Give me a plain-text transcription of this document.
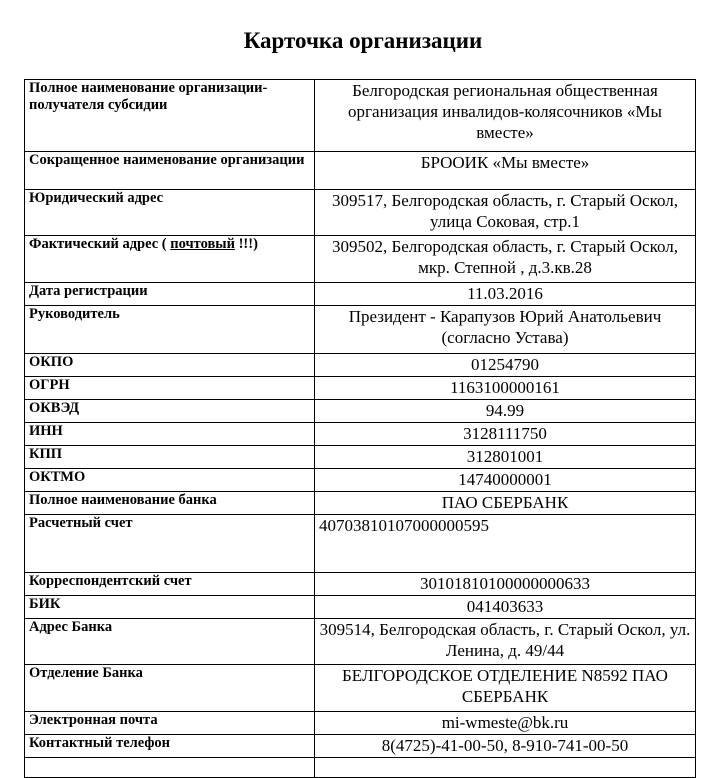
Карточка организации
Полное наименование организации-получателя субсидии	Белгородская региональная общественная организация инвалидов-колясочников «Мы вместе»
Сокращенное наименование организации	БРООИК «Мы вместе»
Юридический адрес	309517, Белгородская область, г. Старый Оскол, улица Соковая, стр.1
Фактический адрес ( почтовый !!!)	309502, Белгородская область, г. Старый Оскол, мкр. Степной , д.3.кв.28
Дата регистрации	11.03.2016
Руководитель	Президент - Карапузов Юрий Анатольевич (согласно Устава)
ОКПО	01254790
ОГРН	1163100000161
ОКВЭД	94.99
ИНН	3128111750
КПП	312801001
ОКТМО	14740000001
Полное наименование банка	ПАО СБЕРБАНК
Расчетный счет	40703810107000000595
Корреспондентский счет	30101810100000000633
БИК	041403633
Адрес Банка	309514, Белгородская область, г. Старый Оскол, ул. Ленина, д. 49/44
Отделение Банка	БЕЛГОРОДСКОЕ ОТДЕЛЕНИЕ N8592 ПАО СБЕРБАНК
Электронная почта	mi-wmeste@bk.ru
Контактный телефон	8(4725)-41-00-50, 8-910-741-00-50
